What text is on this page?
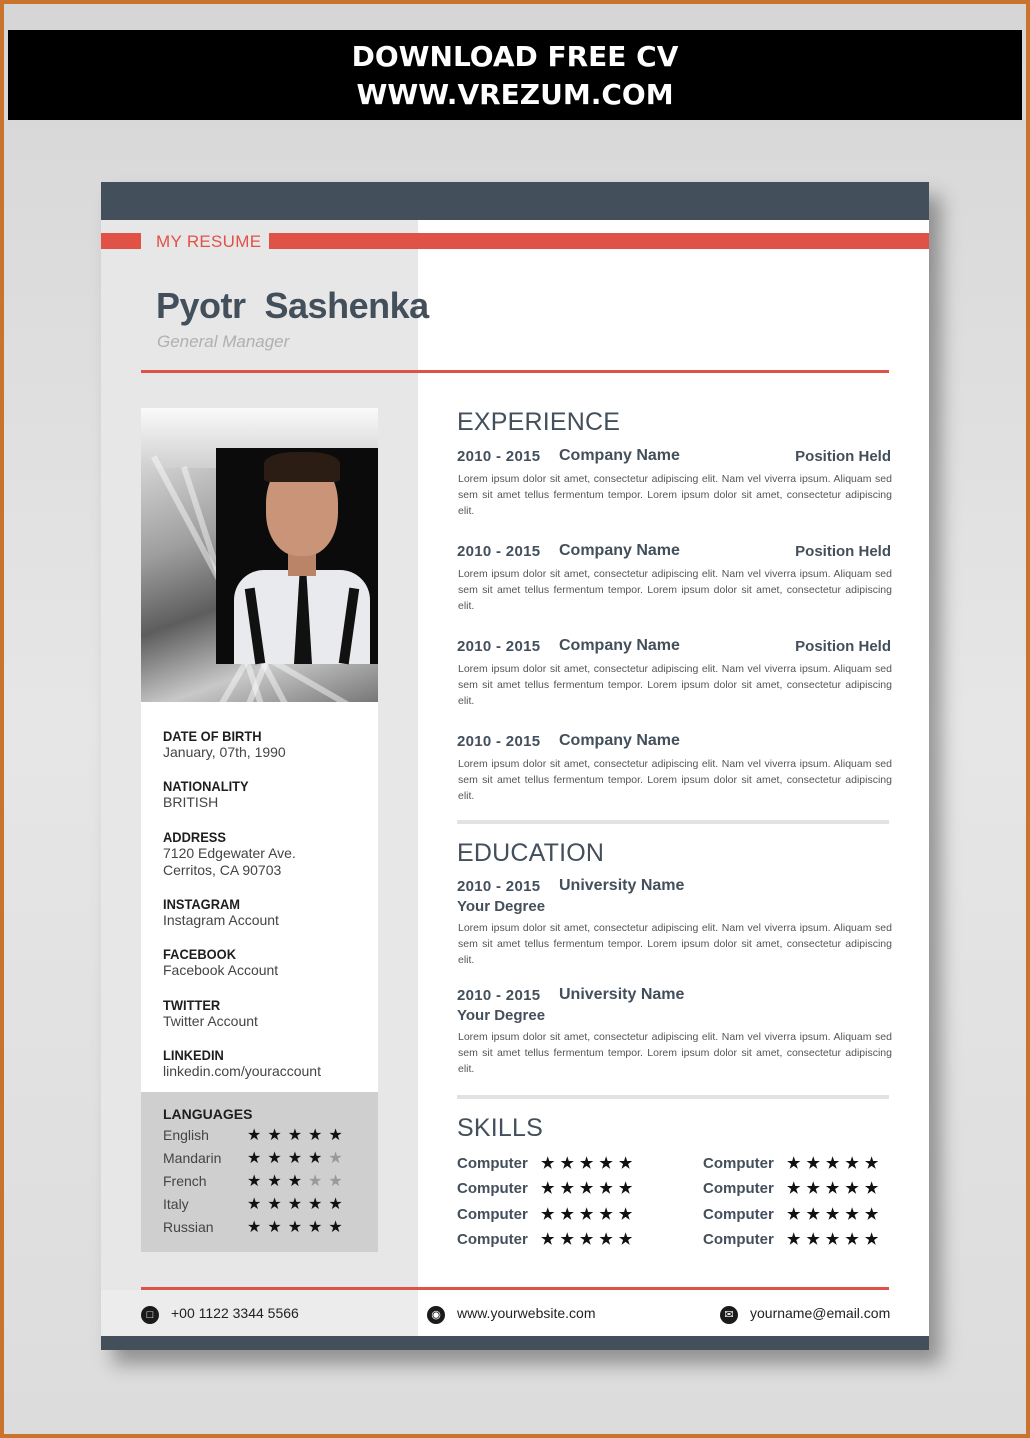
DOWNLOAD FREE CV
WWW.VREZUM.COM
MY RESUME
Pyotr  Sashenka
General Manager
DATE OF BIRTH
January, 07th, 1990
NATIONALITY
BRITISH
ADDRESS
7120 Edgewater Ave.
Cerritos, CA 90703
INSTAGRAM
Instagram Account
FACEBOOK
Facebook Account
TWITTER
Twitter Account
LINKEDIN
linkedin.com/youraccount
LANGUAGES
English ★★★★★
Mandarin ★★★★★
French	★★★★★
Italy	★★★★★
Russian ★★★★★
EXPERIENCE
EDUCATION
SKILLS
□	+00 1122 3344 5566	◉	www.yourwebsite.com	✉	yourname@email.com
2010 - 2015 Company Name	Position Held
Lorem ipsum dolor sit amet, consectetur adipiscing elit. Nam vel viverra ipsum. Aliquam sed sem sit amet tellus fermentum tempor. Lorem ipsum dolor sit amet, consectetur adipiscing elit.
2010 - 2015 Company Name	Position Held
Lorem ipsum dolor sit amet, consectetur adipiscing elit. Nam vel viverra ipsum. Aliquam sed sem sit amet tellus fermentum tempor. Lorem ipsum dolor sit amet, consectetur adipiscing elit.
2010 - 2015 Company Name	Position Held
Lorem ipsum dolor sit amet, consectetur adipiscing elit. Nam vel viverra ipsum. Aliquam sed sem sit amet tellus fermentum tempor. Lorem ipsum dolor sit amet, consectetur adipiscing elit.
2010 - 2015 Company Name
Lorem ipsum dolor sit amet, consectetur adipiscing elit. Nam vel viverra ipsum. Aliquam sed sem sit amet tellus fermentum tempor. Lorem ipsum dolor sit amet, consectetur adipiscing elit.
2010 - 2015 University Name
Your Degree
Lorem ipsum dolor sit amet, consectetur adipiscing elit. Nam vel viverra ipsum. Aliquam sed sem sit amet tellus fermentum tempor. Lorem ipsum dolor sit amet, consectetur adipiscing elit.
2010 - 2015 University Name
Your Degree
Lorem ipsum dolor sit amet, consectetur adipiscing elit. Nam vel viverra ipsum. Aliquam sed sem sit amet tellus fermentum tempor. Lorem ipsum dolor sit amet, consectetur adipiscing elit.
Computer ★★★★★
Computer ★★★★★
Computer ★★★★★
Computer ★★★★★
Computer ★★★★★
Computer ★★★★★
Computer ★★★★★
Computer ★★★★★
